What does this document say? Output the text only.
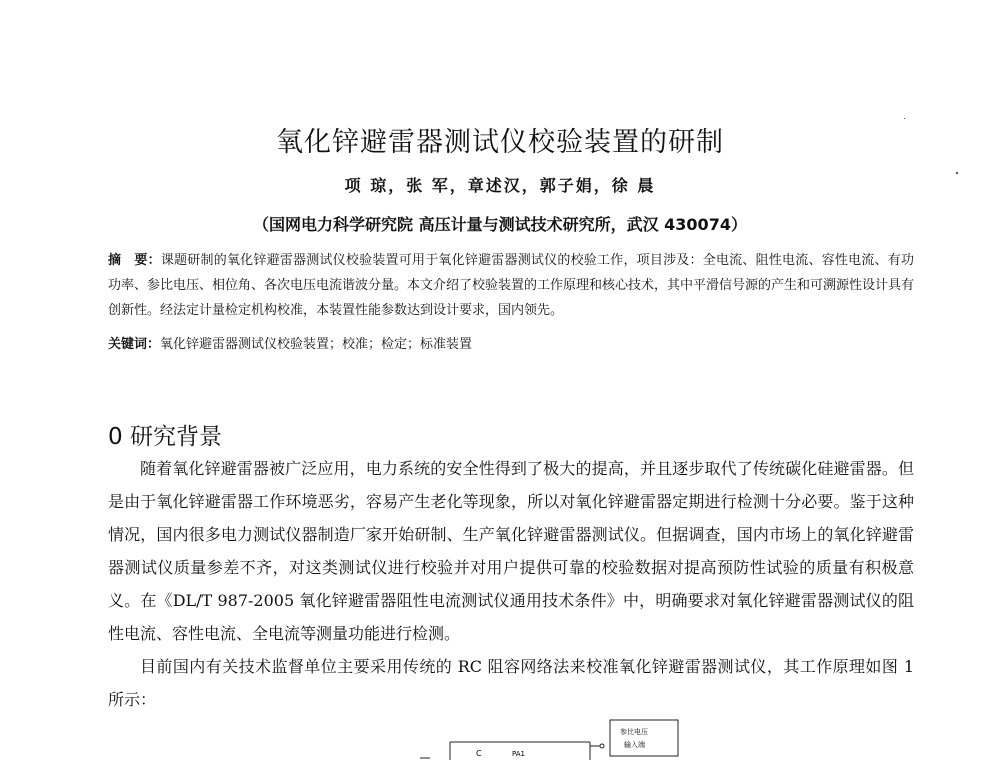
氧化锌避雷器测试仪校验装置的研制
项 琼，张 军，章述汉，郭子娟，徐 晨
（国网电力科学研究院 高压计量与测试技术研究所，武汉 430074）
摘　要：课题研制的氧化锌避雷器测试仪校验装置可用于氧化锌避雷器测试仪的校验工作，项目涉及：全电流、阻性电流、容性电流、有功功率、参比电压、相位角、各次电压电流谐波分量。本文介绍了校验装置的工作原理和核心技术，其中平滑信号源的产生和可溯源性设计具有创新性。经法定计量检定机构校准，本装置性能参数达到设计要求，国内领先。
关键词：氧化锌避雷器测试仪校验装置；校准；检定；标准装置
0 研究背景

随着氧化锌避雷器被广泛应用，电力系统的安全性得到了极大的提高，并且逐步取代了传统碳化硅避雷器。但是由于氧化锌避雷器工作环境恶劣，容易产生老化等现象，所以对氧化锌避雷器定期进行检测十分必要。鉴于这种情况，国内很多电力测试仪器制造厂家开始研制、生产氧化锌避雷器测试仪。但据调查，国内市场上的氧化锌避雷器测试仪质量参差不齐，对这类测试仪进行校验并对用户提供可靠的校验数据对提高预防性试验的质量有积极意义。在《DL/T 987-2005 氧化锌避雷器阻性电流测试仪通用技术条件》中，明确要求对氧化锌避雷器测试仪的阻性电流、容性电流、全电流等测量功能进行检测。

目前国内有关技术监督单位主要采用传统的 RC 阻容网络法来校准氧化锌避雷器测试仪，其工作原理如图 1 所示：

C	PA1
参比电压
输入端
